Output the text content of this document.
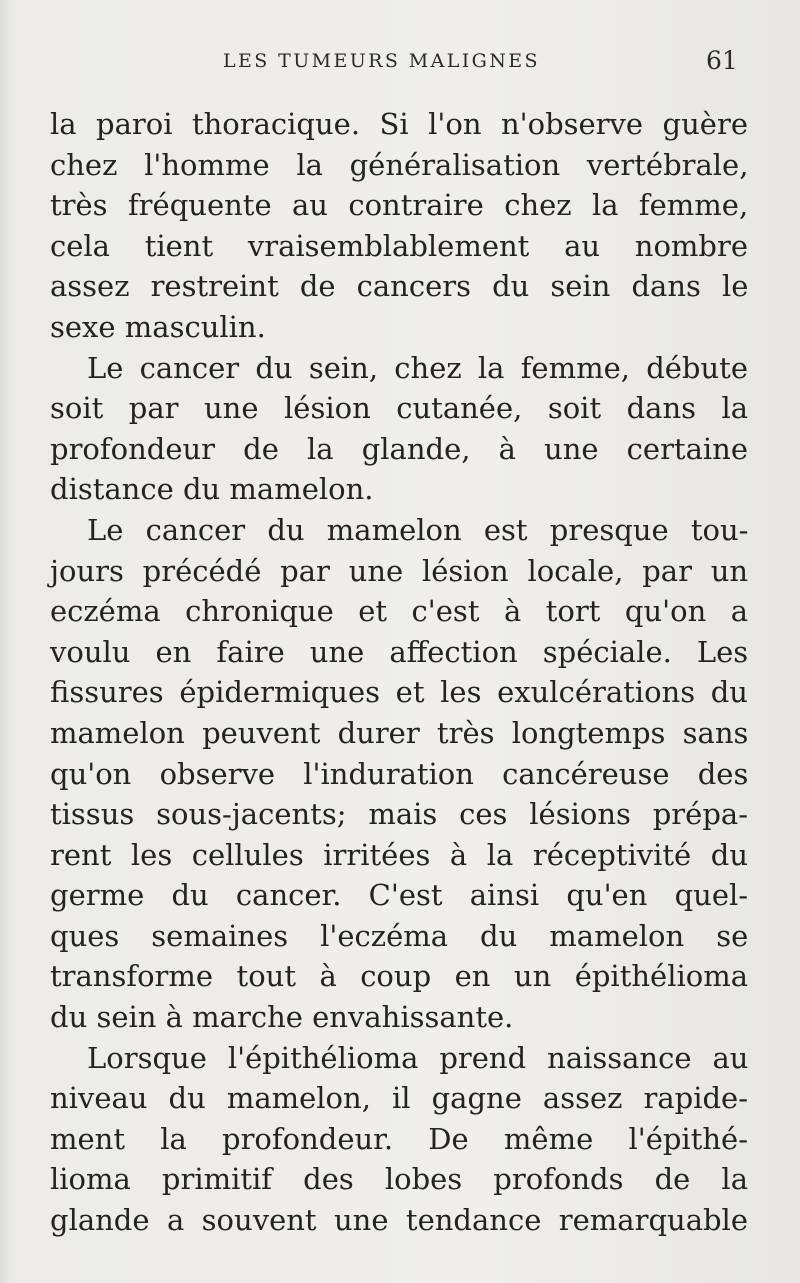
LES TUMEURS MALIGNES	61
la paroi thoracique. Si l'on n'observe guère
chez l'homme la généralisation vertébrale,
très fréquente au contraire chez la femme,
cela tient vraisemblablement au nombre
assez restreint de cancers du sein dans le
sexe masculin.
Le cancer du sein, chez la femme, débute
soit par une lésion cutanée, soit dans la
profondeur de la glande, à une certaine
distance du mamelon.
Le cancer du mamelon est presque tou-
jours précédé par une lésion locale, par un
eczéma chronique et c'est à tort qu'on a
voulu en faire une affection spéciale. Les
fissures épidermiques et les exulcérations du
mamelon peuvent durer très longtemps sans
qu'on observe l'induration cancéreuse des
tissus sous-jacents; mais ces lésions prépa-
rent les cellules irritées à la réceptivité du
germe du cancer. C'est ainsi qu'en quel-
ques semaines l'eczéma du mamelon se
transforme tout à coup en un épithélioma
du sein à marche envahissante.
Lorsque l'épithélioma prend naissance au
niveau du mamelon, il gagne assez rapide-
ment la profondeur. De même l'épithé-
lioma primitif des lobes profonds de la
glande a souvent une tendance remarquable
